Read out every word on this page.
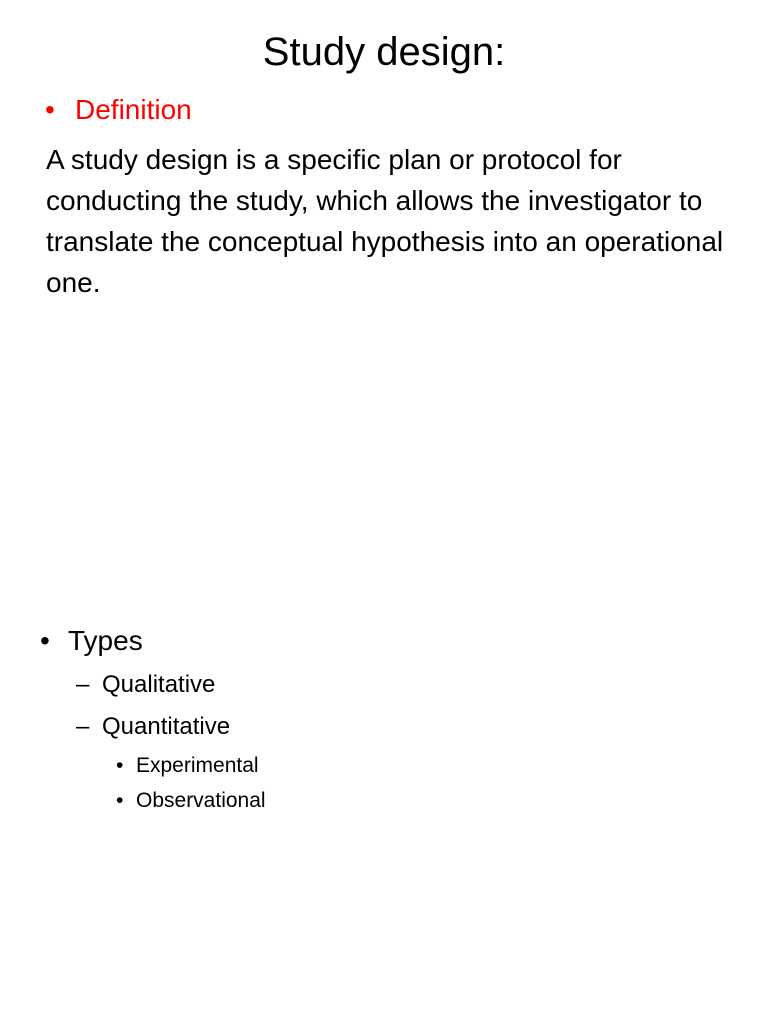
Study design:
• Definition

A study design is a specific plan or protocol for conducting the study, which allows the investigator to translate the conceptual hypothesis into an operational one.

• Types
– Qualitative
– Quantitative
• Experimental
• Observational
